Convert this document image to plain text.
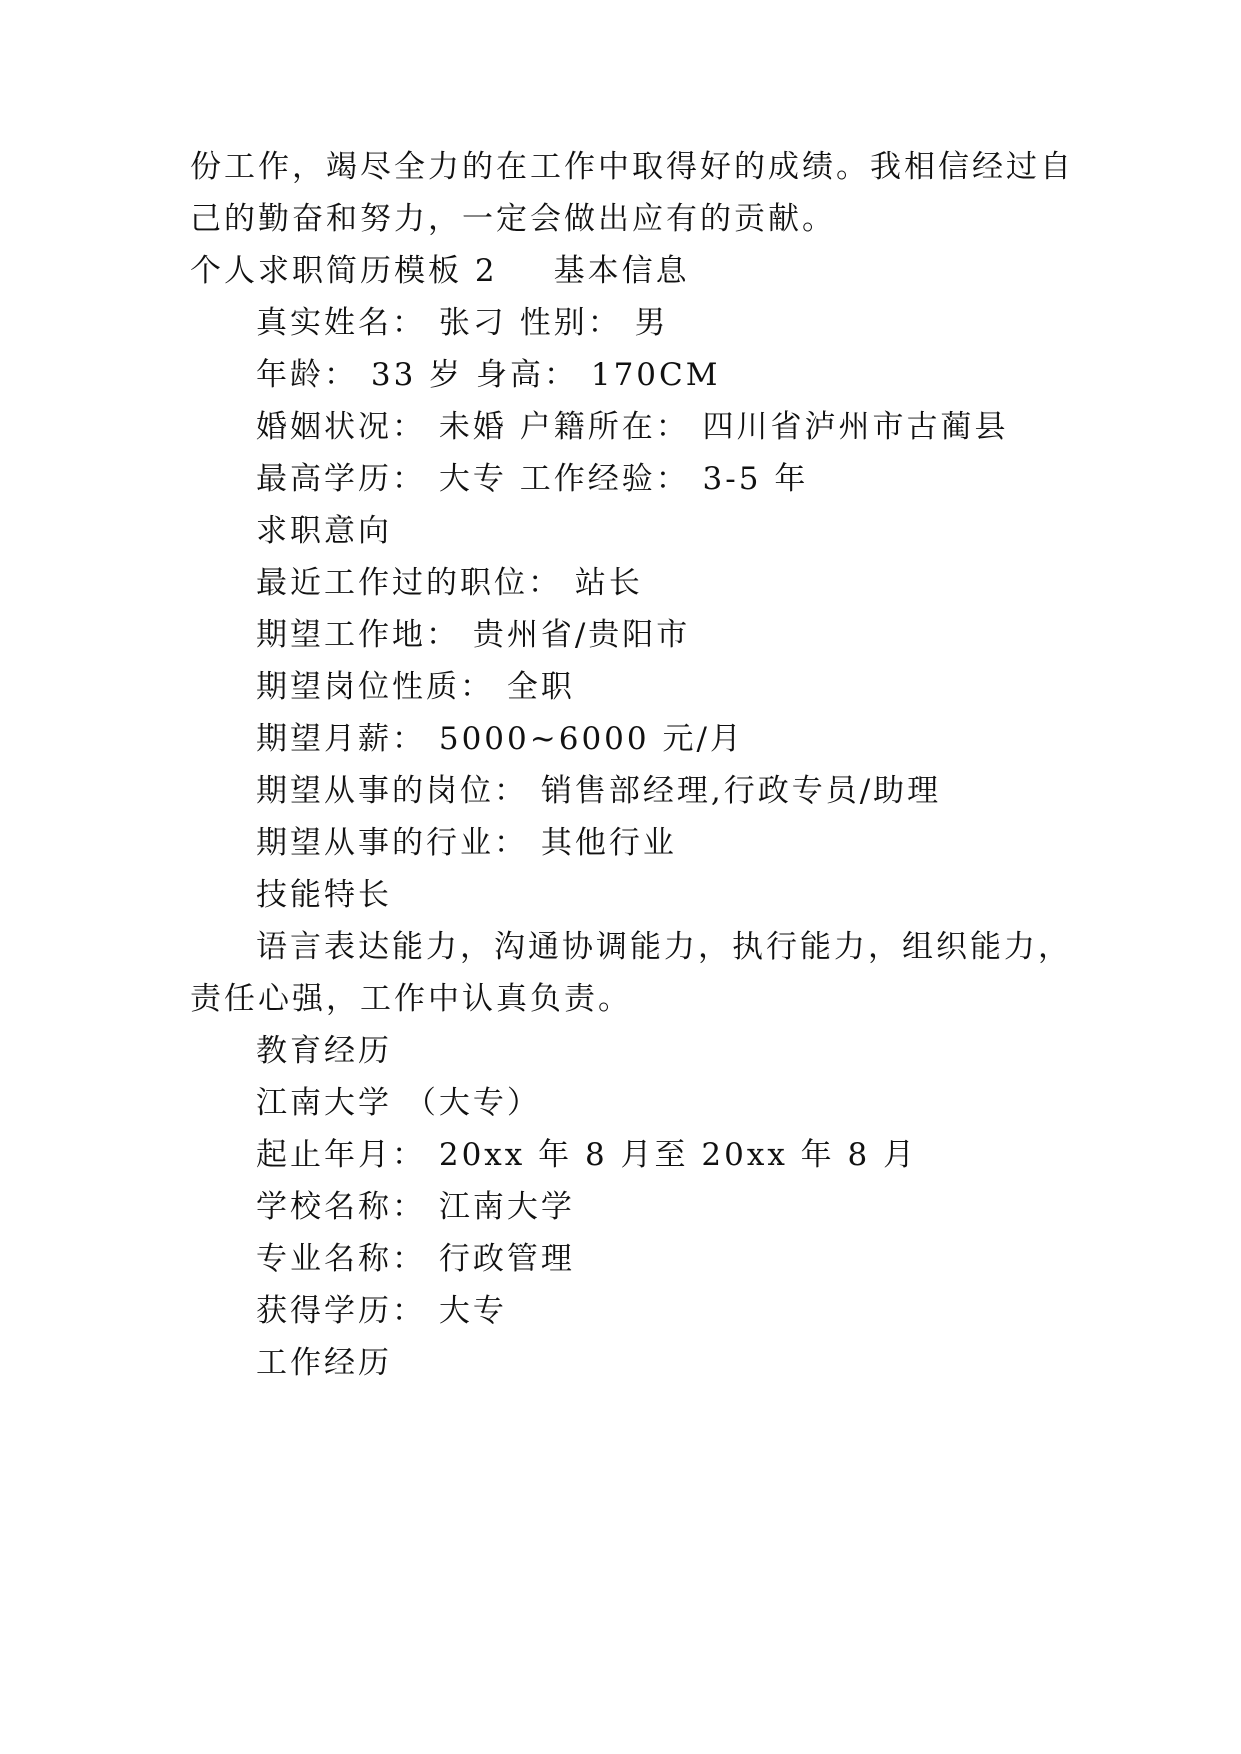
份工作，竭尽全力的在工作中取得好的成绩。我相信经过自
己的勤奋和努力，一定会做出应有的贡献。
个人求职简历模板 2 基本信息
真实姓名： 张刁 性别： 男
年龄： 33 岁 身高： 170CM
婚姻状况： 未婚 户籍所在： 四川省泸州市古蔺县
最高学历： 大专 工作经验： 3-5 年
求职意向
最近工作过的职位： 站长
期望工作地： 贵州省/贵阳市
期望岗位性质： 全职
期望月薪： 5000~6000 元/月
期望从事的岗位： 销售部经理,行政专员/助理
期望从事的行业： 其他行业
技能特长
语言表达能力，沟通协调能力，执行能力，组织能力，
责任心强，工作中认真负责。
教育经历
江南大学 （大专）
起止年月： 20xx 年 8 月至 20xx 年 8 月
学校名称： 江南大学
专业名称： 行政管理
获得学历： 大专
工作经历
